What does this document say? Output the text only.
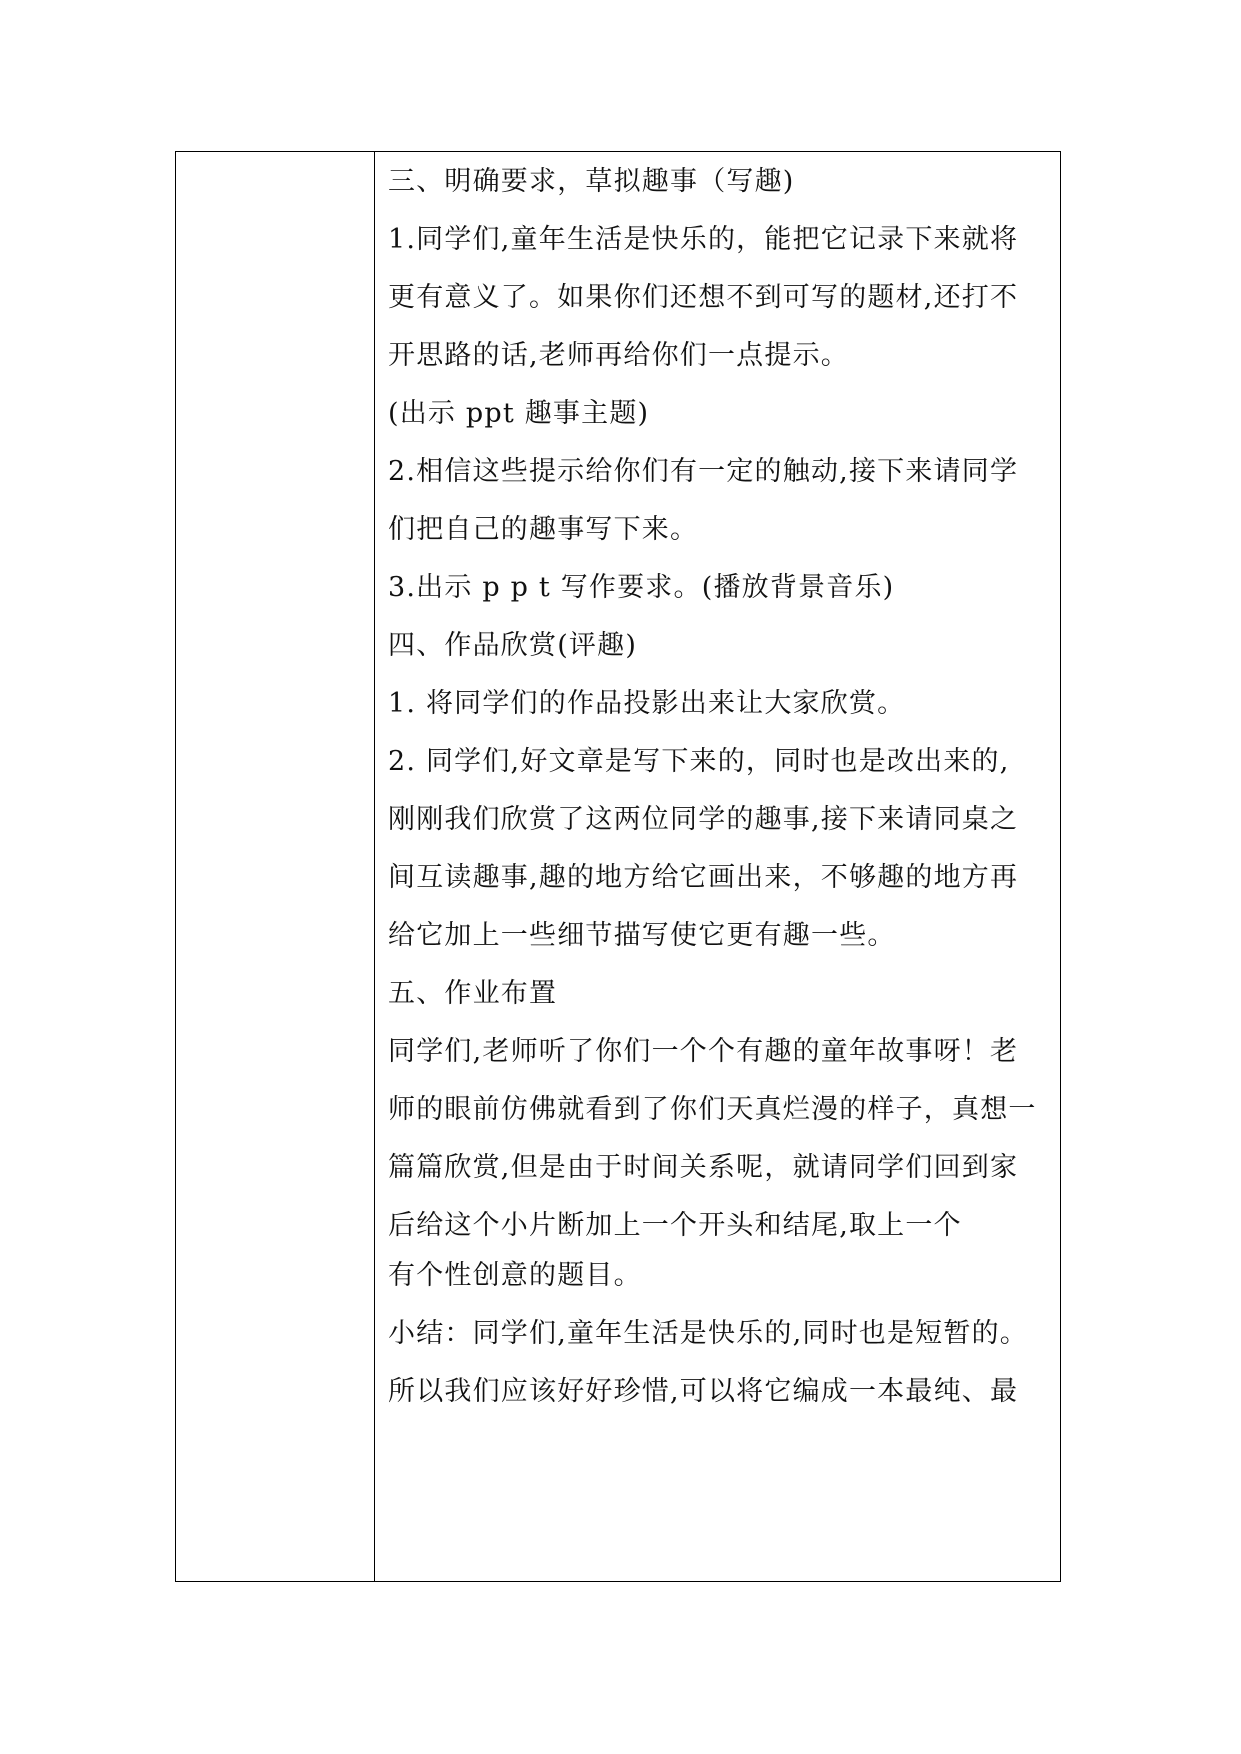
三、明确要求，草拟趣事（写趣)
1.同学们,童年生活是快乐的，能把它记录下来就将
更有意义了。如果你们还想不到可写的题材,还打不
开思路的话,老师再给你们一点提示。
(出示 ppt 趣事主题)
2.相信这些提示给你们有一定的触动,接下来请同学
们把自己的趣事写下来。
3.出示 p p t 写作要求。(播放背景音乐)
四、作品欣赏(评趣)
1. 将同学们的作品投影出来让大家欣赏。
2. 同学们,好文章是写下来的，同时也是改出来的,
刚刚我们欣赏了这两位同学的趣事,接下来请同桌之
间互读趣事,趣的地方给它画出来，不够趣的地方再
给它加上一些细节描写使它更有趣一些。
五、作业布置
同学们,老师听了你们一个个有趣的童年故事呀！老
师的眼前仿佛就看到了你们天真烂漫的样子，真想一
篇篇欣赏,但是由于时间关系呢，就请同学们回到家
后给这个小片断加上一个开头和结尾,取上一个
有个性创意的题目。
小结：同学们,童年生活是快乐的,同时也是短暂的。
所以我们应该好好珍惜,可以将它编成一本最纯、最
